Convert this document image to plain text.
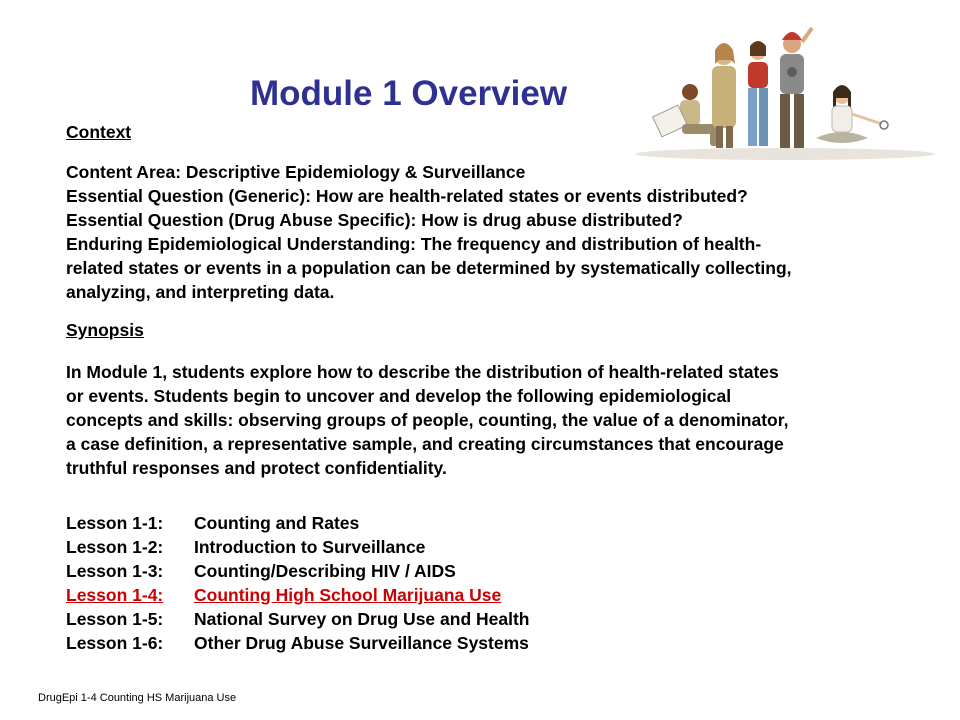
Module 1 Overview
Context
Content Area: Descriptive Epidemiology & Surveillance
Essential Question (Generic): How are health-related states or events distributed?
Essential Question (Drug Abuse Specific): How is drug abuse distributed?
Enduring Epidemiological Understanding: The frequency and distribution of health-
related states or events in a population can be determined by systematically collecting,
analyzing, and interpreting data.
Synopsis
In Module 1, students explore how to describe the distribution of health-related states
or events. Students begin to uncover and develop the following epidemiological
concepts and skills: observing groups of people, counting, the value of a denominator,
a case definition, a representative sample, and creating circumstances that encourage
truthful responses and protect confidentiality.
Lesson 1-1:	Counting and Rates
Lesson 1-2:	Introduction to Surveillance
Lesson 1-3:	Counting/Describing HIV / AIDS
Lesson 1-4:	Counting High School Marijuana Use
Lesson 1-5:	National Survey on Drug Use and Health
Lesson 1-6:	Other Drug Abuse Surveillance Systems
DrugEpi 1-4 Counting HS Marijuana Use
